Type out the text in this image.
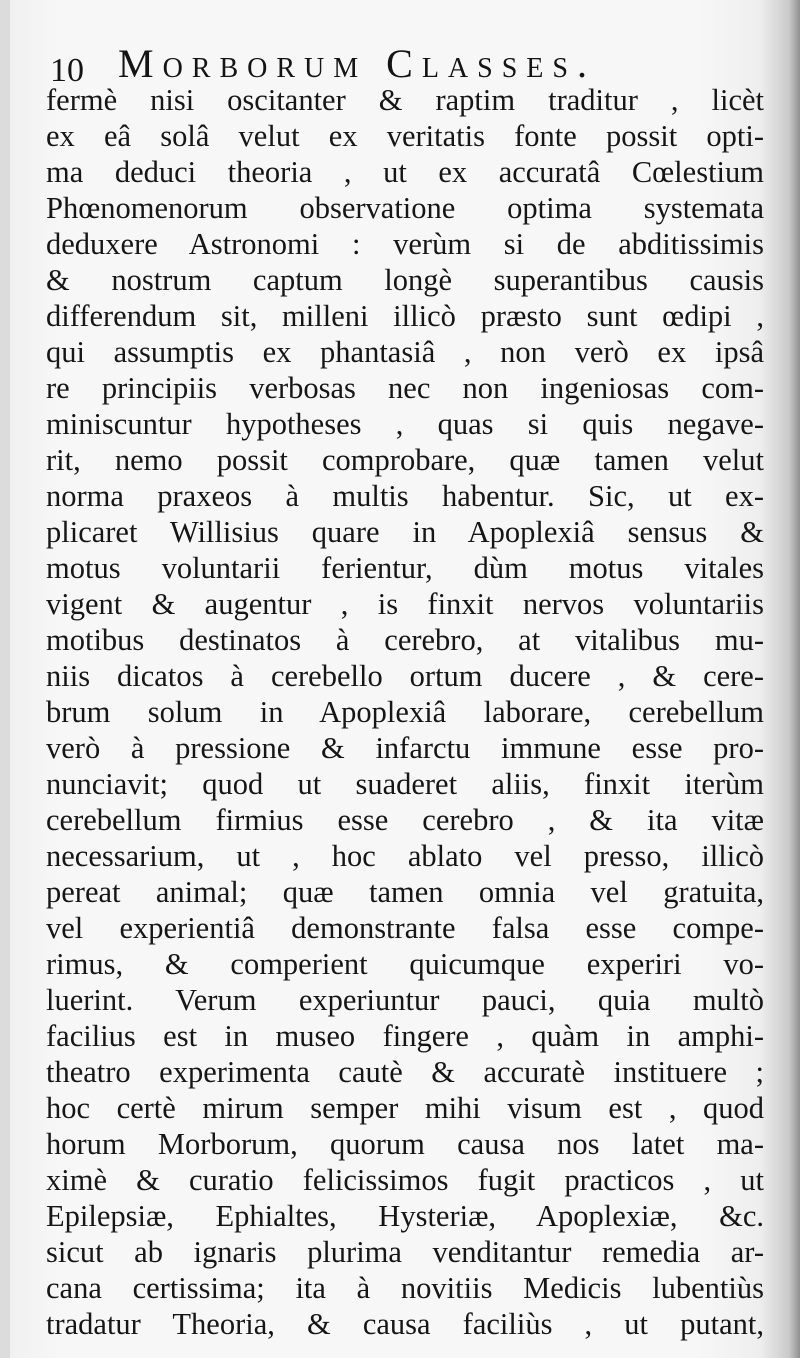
10 Morborum Classes.
fermè nisi oscitanter & raptim traditur , licèt
ex eâ solâ velut ex veritatis fonte possit opti-
ma deduci theoria , ut ex accuratâ Cœlestium
Phœnomenorum observatione optima systemata
deduxere Astronomi : verùm si de abditissimis
& nostrum captum longè superantibus causis
differendum sit, milleni illicò præsto sunt œdipi ,
qui assumptis ex phantasiâ , non verò ex ipsâ
re principiis verbosas nec non ingeniosas com-
miniscuntur hypotheses , quas si quis negave-
rit, nemo possit comprobare, quæ tamen velut
norma praxeos à multis habentur. Sic, ut ex-
plicaret Willisius quare in Apoplexiâ sensus &
motus voluntarii ferientur, dùm motus vitales
vigent & augentur , is finxit nervos voluntariis
motibus destinatos à cerebro, at vitalibus mu-
niis dicatos à cerebello ortum ducere , & cere-
brum solum in Apoplexiâ laborare, cerebellum
verò à pressione & infarctu immune esse pro-
nunciavit; quod ut suaderet aliis, finxit iterùm
cerebellum firmius esse cerebro , & ita vitæ
necessarium, ut , hoc ablato vel presso, illicò
pereat animal; quæ tamen omnia vel gratuita,
vel experientiâ demonstrante falsa esse compe-
rimus, & comperient quicumque experiri vo-
luerint. Verum experiuntur pauci, quia multò
facilius est in museo fingere , quàm in amphi-
theatro experimenta cautè & accuratè instituere ;
hoc certè mirum semper mihi visum est , quod
horum Morborum, quorum causa nos latet ma-
ximè & curatio felicissimos fugit practicos , ut
Epilepsiæ, Ephialtes, Hysteriæ, Apoplexiæ, &c.
sicut ab ignaris plurima venditantur remedia ar-
cana certissima; ita à novitiis Medicis lubentiùs
tradatur Theoria, & causa faciliùs , ut putant,
